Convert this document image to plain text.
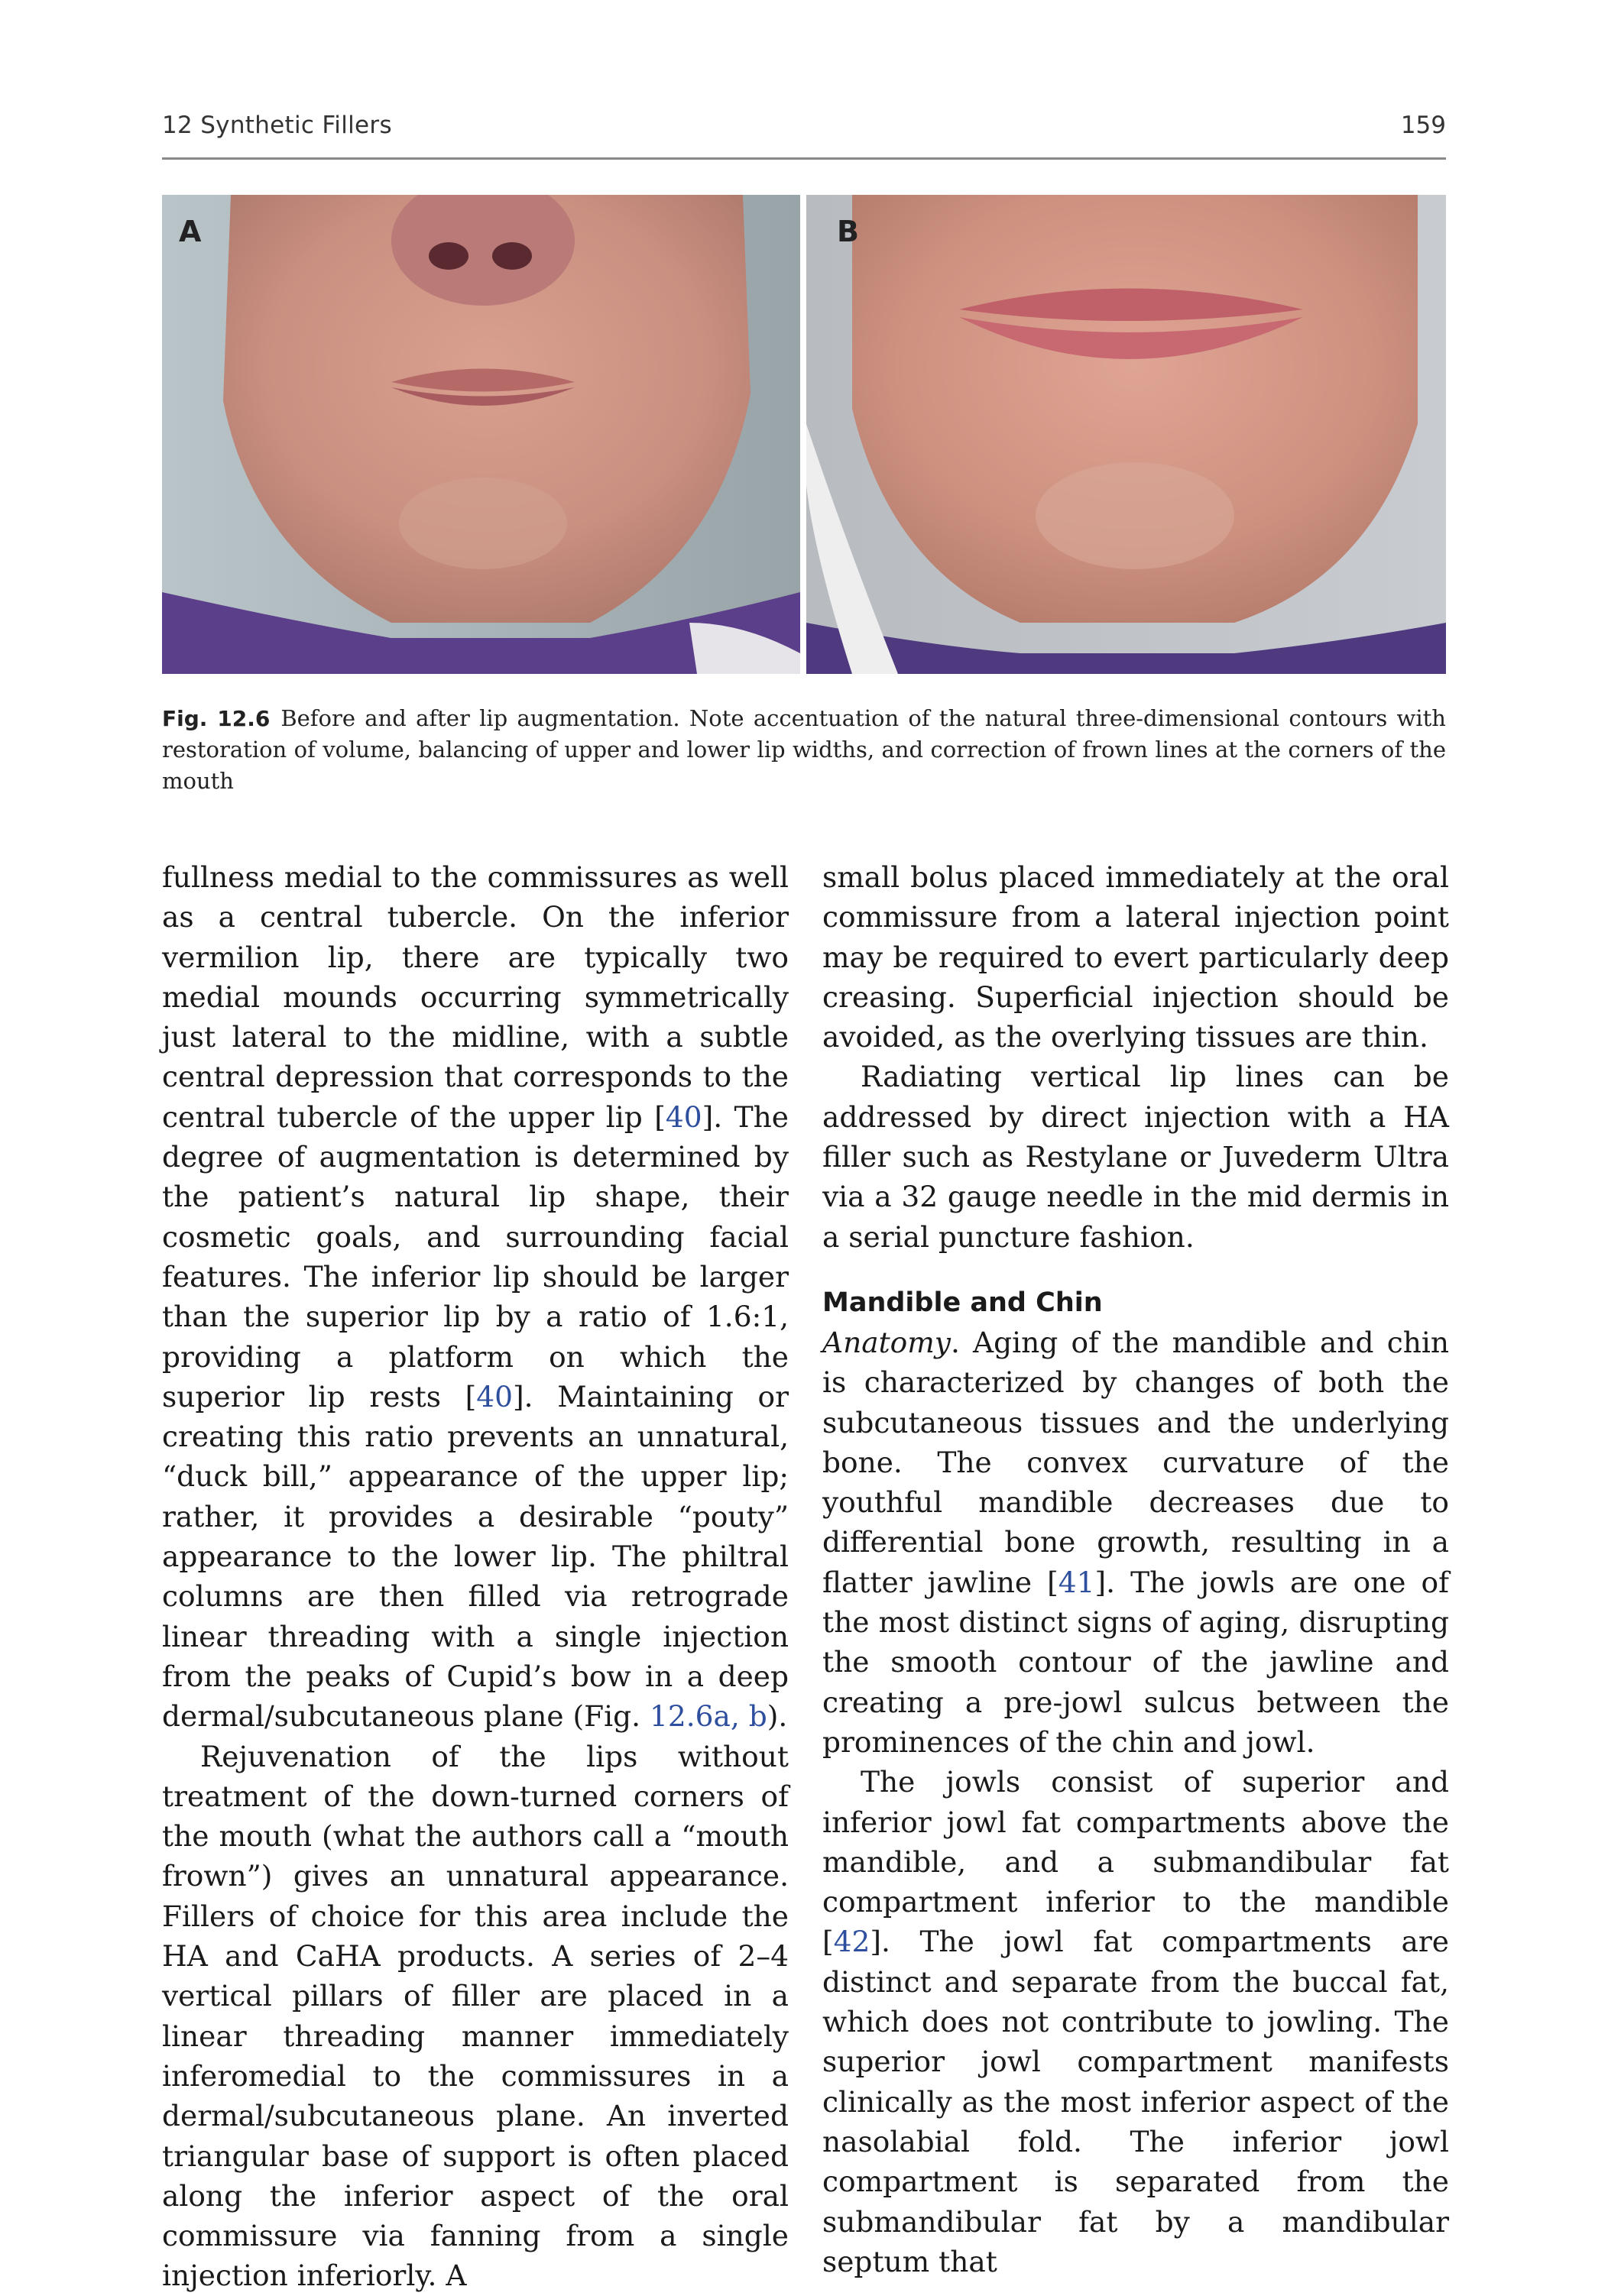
12 Synthetic Fillers	159
A	B
Fig. 12.6 Before and after lip augmentation. Note accentuation of the natural three-dimensional contours with restoration of volume, balancing of upper and lower lip widths, and correction of frown lines at the corners of the mouth

fullness medial to the commissures as well as a central tubercle. On the inferior vermilion lip, there are typically two medial mounds occurring symmetrically just lateral to the midline, with a subtle central depression that corresponds to the central tubercle of the upper lip [40]. The degree of augmentation is determined by the patient’s natural lip shape, their cosmetic goals, and surrounding facial features. The inferior lip should be larger than the superior lip by a ratio of 1.6:1, providing a platform on which the superior lip rests [40]. Maintaining or creating this ratio prevents an unnatural, “duck bill,” appearance of the upper lip; rather, it provides a desirable “pouty” appearance to the lower lip. The philtral columns are then filled via retrograde linear threading with a single injection from the peaks of Cupid’s bow in a deep dermal/subcutaneous plane (Fig. 12.6a, b).

Rejuvenation of the lips without treatment of the down-turned corners of the mouth (what the authors call a “mouth frown”) gives an unnatural appearance. Fillers of choice for this area include the HA and CaHA products. A series of 2–4 vertical pillars of filler are placed in a linear threading manner immediately inferomedial to the commissures in a dermal/subcutaneous plane. An inverted triangular base of support is often placed along the inferior aspect of the oral commissure via fanning from a single injection inferiorly. A

small bolus placed immediately at the oral commissure from a lateral injection point may be required to evert particularly deep creasing. Superficial injection should be avoided, as the overlying tissues are thin.

Radiating vertical lip lines can be addressed by direct injection with a HA filler such as Restylane or Juvederm Ultra via a 32 gauge needle in the mid dermis in a serial puncture fashion.

Mandible and Chin

Anatomy. Aging of the mandible and chin is characterized by changes of both the subcutaneous tissues and the underlying bone. The convex curvature of the youthful mandible decreases due to differential bone growth, resulting in a flatter jawline [41]. The jowls are one of the most distinct signs of aging, disrupting the smooth contour of the jawline and creating a pre-jowl sulcus between the prominences of the chin and jowl.

The jowls consist of superior and inferior jowl fat compartments above the mandible, and a submandibular fat compartment inferior to the mandible [42]. The jowl fat compartments are distinct and separate from the buccal fat, which does not contribute to jowling. The superior jowl compartment manifests clinically as the most inferior aspect of the nasolabial fold. The inferior jowl compartment is separated from the submandibular fat by a mandibular septum that
